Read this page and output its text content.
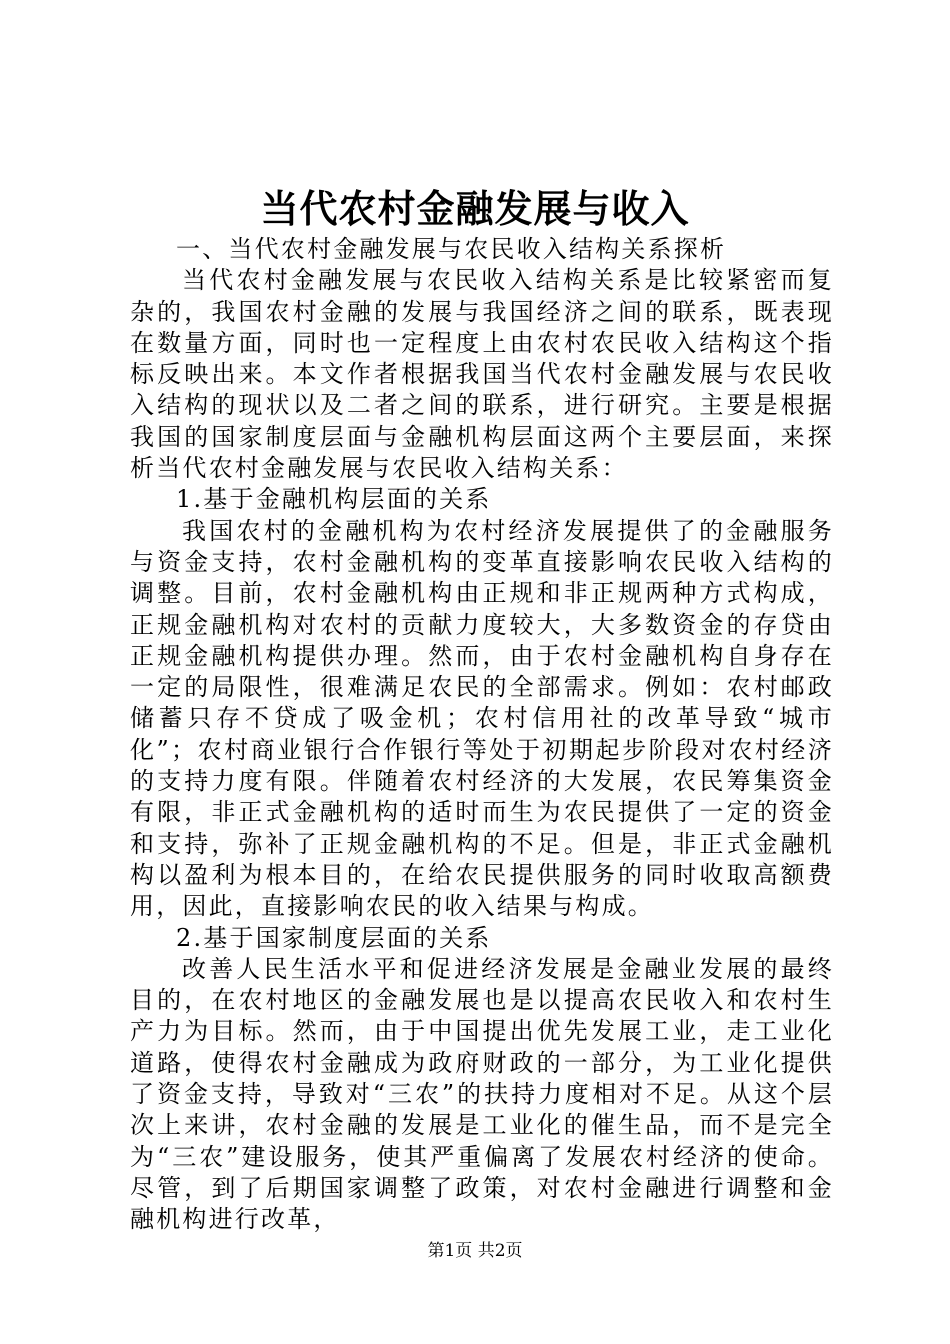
当代农村金融发展与收入

一、当代农村金融发展与农民收入结构关系探析

当代农村金融发展与农民收入结构关系是比较紧密而复杂的，我国农村金融的发展与我国经济之间的联系，既表现在数量方面，同时也一定程度上由农村农民收入结构这个指标反映出来。本文作者根据我国当代农村金融发展与农民收入结构的现状以及二者之间的联系，进行研究。主要是根据我国的国家制度层面与金融机构层面这两个主要层面，来探析当代农村金融发展与农民收入结构关系：

1.基于金融机构层面的关系

我国农村的金融机构为农村经济发展提供了的金融服务与资金支持，农村金融机构的变革直接影响农民收入结构的调整。目前，农村金融机构由正规和非正规两种方式构成，正规金融机构对农村的贡献力度较大，大多数资金的存贷由正规金融机构提供办理。然而，由于农村金融机构自身存在一定的局限性，很难满足农民的全部需求。例如：农村邮政储蓄只存不贷成了吸金机；农村信用社的改革导致“城市化”；农村商业银行合作银行等处于初期起步阶段对农村经济的支持力度有限。伴随着农村经济的大发展，农民筹集资金有限，非正式金融机构的适时而生为农民提供了一定的资金和支持，弥补了正规金融机构的不足。但是，非正式金融机构以盈利为根本目的，在给农民提供服务的同时收取高额费用，因此，直接影响农民的收入结果与构成。

2.基于国家制度层面的关系

改善人民生活水平和促进经济发展是金融业发展的最终目的，在农村地区的金融发展也是以提高农民收入和农村生产力为目标。然而，由于中国提出优先发展工业，走工业化道路，使得农村金融成为政府财政的一部分，为工业化提供了资金支持，导致对“三农”的扶持力度相对不足。从这个层次上来讲，农村金融的发展是工业化的催生品，而不是完全为“三农”建设服务，使其严重偏离了发展农村经济的使命。尽管，到了后期国家调整了政策，对农村金融进行调整和金融机构进行改革，

第1页 共2页
